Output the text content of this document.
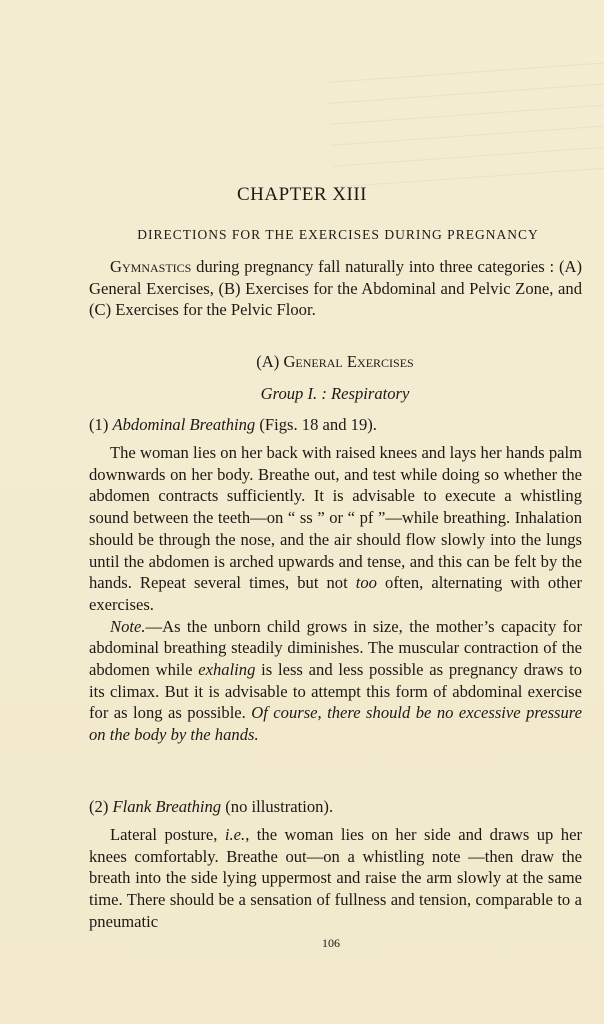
CHAPTER XIII
DIRECTIONS FOR THE EXERCISES DURING PREGNANCY
Gymnastics during pregnancy fall naturally into three categories : (A) General Exercises, (B) Exercises for the Abdominal and Pelvic Zone, and (C) Exercises for the Pelvic Floor.
(A) General Exercises
Group I. : Respiratory
(1) Abdominal Breathing (Figs. 18 and 19).

The woman lies on her back with raised knees and lays her hands palm downwards on her body. Breathe out, and test while doing so whether the abdomen contracts sufficiently. It is advisable to execute a whistling sound between the teeth—on “ ss ” or “ pf ”—while breathing. Inhalation should be through the nose, and the air should flow slowly into the lungs until the abdomen is arched upwards and tense, and this can be felt by the hands. Repeat several times, but not too often, alternating with other exercises.

Note.—As the unborn child grows in size, the mother’s capacity for abdominal breathing steadily diminishes. The muscular contraction of the abdomen while exhaling is less and less possible as pregnancy draws to its climax. But it is advisable to attempt this form of abdominal exercise for as long as possible. Of course, there should be no excessive pressure on the body by the hands.

(2) Flank Breathing (no illustration).

Lateral posture, i.e., the woman lies on her side and draws up her knees comfortably. Breathe out—on a whistling note —then draw the breath into the side lying uppermost and raise the arm slowly at the same time. There should be a sensation of fullness and tension, comparable to a pneumatic

106
